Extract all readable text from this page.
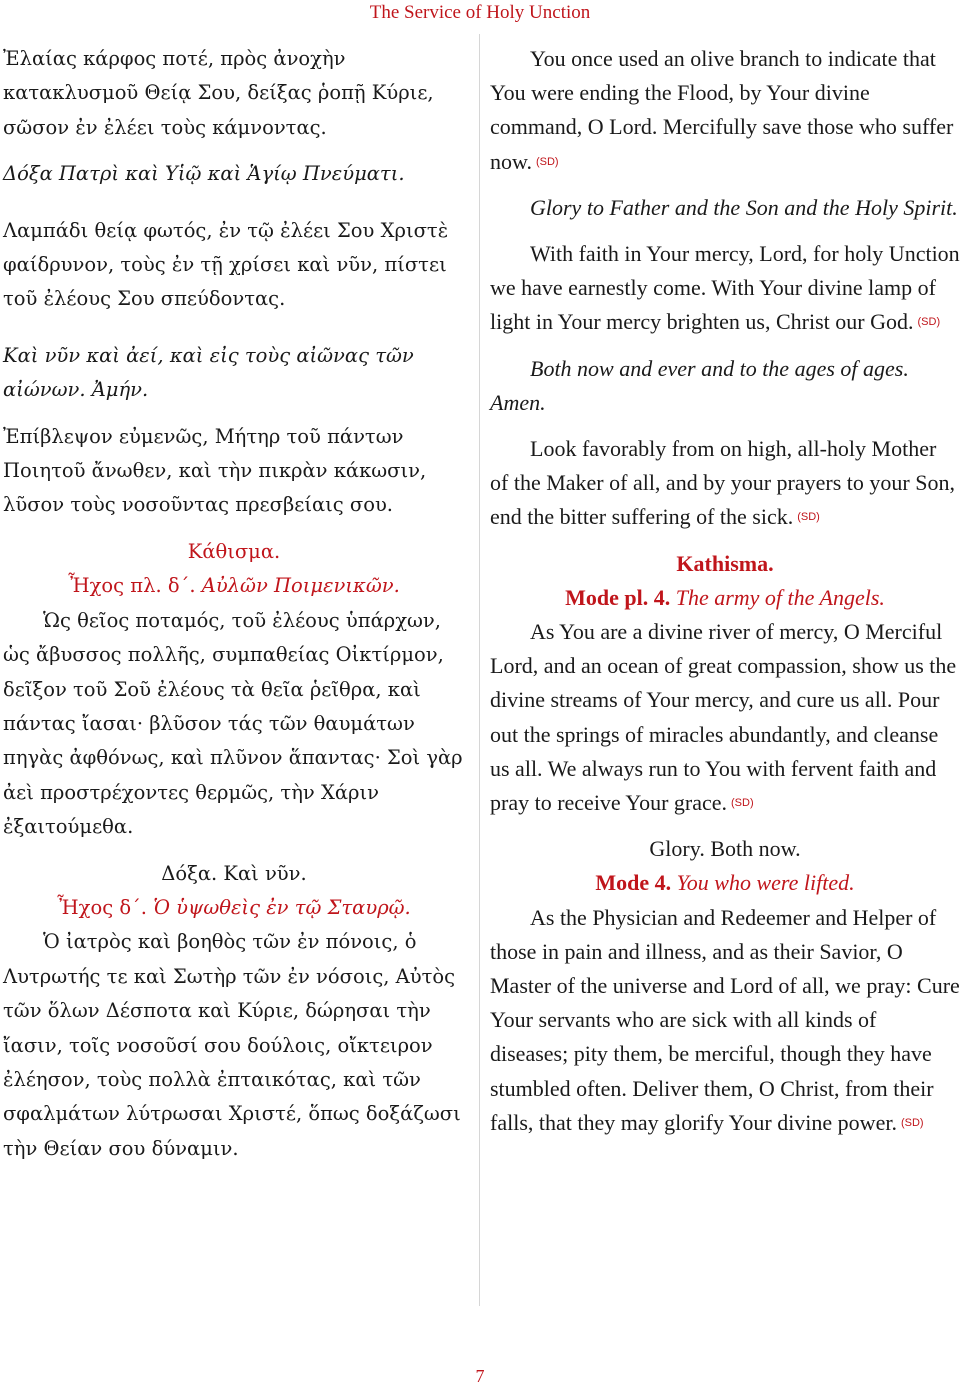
The Service of Holy Unction

Ἐλαίας κάρφος ποτέ, πρὸς ἀνοχὴν κατακλυσμοῦ Θείᾳ Σου, δείξας ῥοπῇ Κύριε, σῶσον ἐν ἐλέει τοὺς κάμνοντας.

Δόξα Πατρὶ καὶ Υἱῷ καὶ Ἁγίῳ Πνεύματι.

Λαμπάδι θείᾳ φωτός, ἐν τῷ ἐλέει Σου Χριστὲ φαίδρυνον, τοὺς ἐν τῇ χρίσει καὶ νῦν, πίστει τοῦ ἐλέους Σου σπεύδοντας.

Καὶ νῦν καὶ ἀεί, καὶ εἰς τοὺς αἰῶνας τῶν αἰώνων. Ἀμήν.

Ἐπίβλεψον εὐμενῶς, Μήτηρ τοῦ πάντων Ποιητοῦ ἄνωθεν, καὶ τὴν πικρὰν κάκωσιν, λῦσον τοὺς νοσοῦντας πρεσβείαις σου.

Κάθισμα.

Ἦχος πλ. δ΄. Αὐλῶν Ποιμενικῶν.

Ὡς θεῖος ποταμός, τοῦ ἐλέους ὑπάρχων, ὡς ἄβυσσος πολλῆς, συμπαθείας Οἰκτίρμον, δεῖξον τοῦ Σοῦ ἐλέους τὰ θεῖα ῥεῖθρα, καὶ πάντας ἴασαι· βλῦσον τάς τῶν θαυμάτων πηγὰς ἀφθόνως, καὶ πλῦνον ἅπαντας· Σοὶ γὰρ ἀεὶ προστρέχοντες θερμῶς, τὴν Χάριν ἐξαιτούμεθα.

Δόξα. Καὶ νῦν.

Ἦχος δ΄. Ὁ ὑψωθεὶς ἐν τῷ Σταυρῷ.

Ὁ ἰατρὸς καὶ βοηθὸς τῶν ἐν πόνοις, ὁ Λυτρωτής τε καὶ Σωτὴρ τῶν ἐν νόσοις, Αὐτὸς τῶν ὅλων Δέσποτα καὶ Κύριε, δώρησαι τὴν ἴασιν, τοῖς νοσοῦσί σου δούλοις, οἴκτειρον ἐλέησον, τοὺς πολλὰ ἐπταικότας, καὶ τῶν σφαλμάτων λύτρωσαι Χριστέ, ὅπως δοξάζωσι τὴν Θείαν σου δύναμιν.

You once used an olive branch to indicate that You were ending the Flood, by Your divine command, O Lord. Mercifully save those who suffer now. (SD)

Glory to Father and the Son and the Holy Spirit.

With faith in Your mercy, Lord, for holy Unction we have earnestly come. With Your divine lamp of light in Your mercy brighten us, Christ our God. (SD)

Both now and ever and to the ages of ages. Amen.

Look favorably from on high, all-holy Mother of the Maker of all, and by your prayers to your Son, end the bitter suffering of the sick. (SD)

Kathisma.

Mode pl. 4. The army of the Angels.

As You are a divine river of mercy, O Merciful Lord, and an ocean of great compassion, show us the divine streams of Your mercy, and cure us all. Pour out the springs of miracles abundantly, and cleanse us all. We always run to You with fervent faith and pray to receive Your grace. (SD)

Glory. Both now.

Mode 4. You who were lifted.

As the Physician and Redeemer and Helper of those in pain and illness, and as their Savior, O Master of the universe and Lord of all, we pray: Cure Your servants who are sick with all kinds of diseases; pity them, be merciful, though they have stumbled often. Deliver them, O Christ, from their falls, that they may glorify Your divine power. (SD)

7
